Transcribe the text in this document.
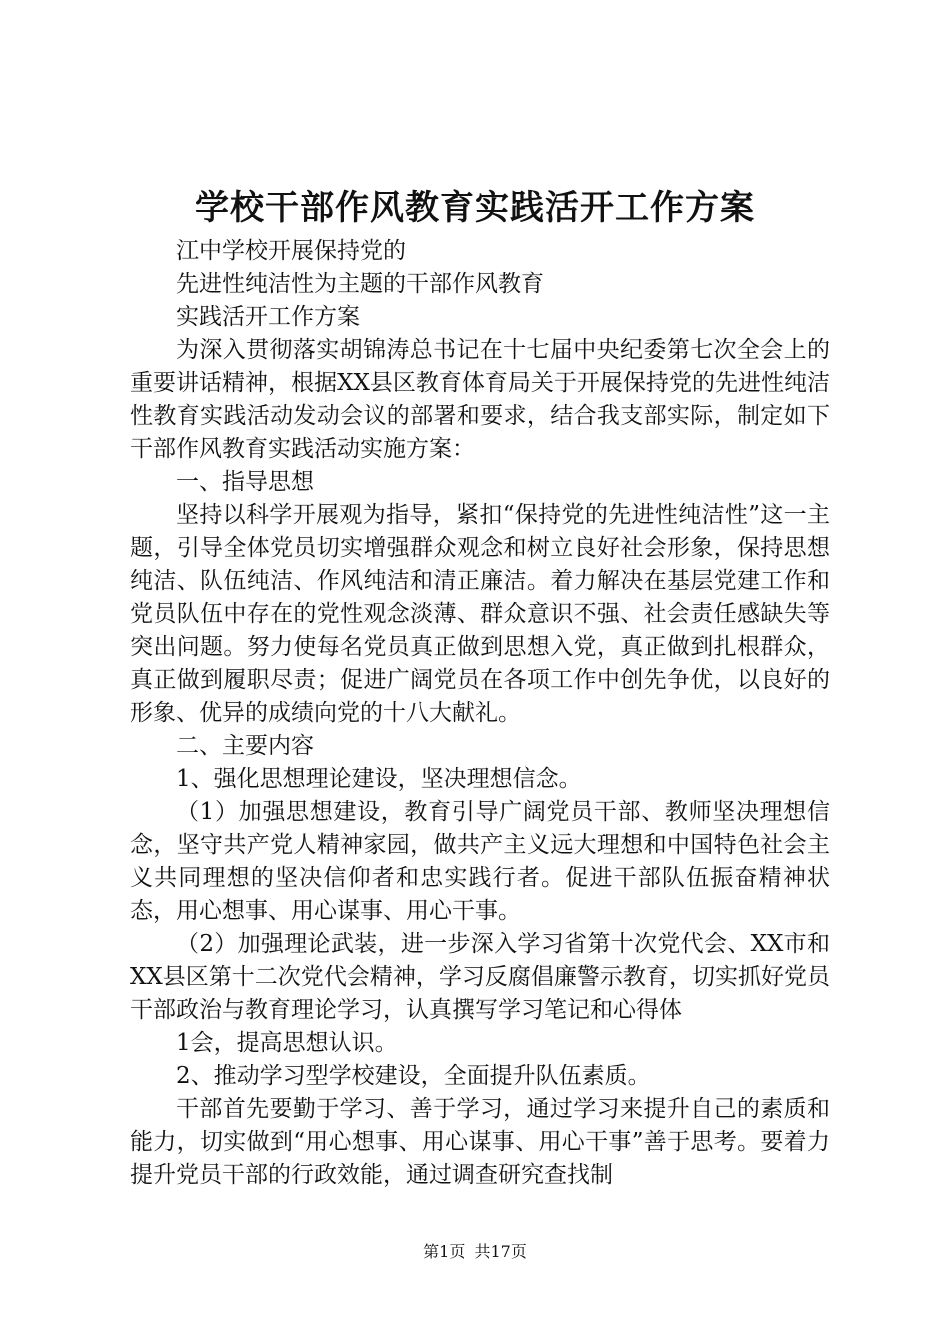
学校干部作风教育实践活开工作方案

江中学校开展保持党的

先进性纯洁性为主题的干部作风教育

实践活开工作方案

为深入贯彻落实胡锦涛总书记在十七届中央纪委第七次全会上的重要讲话精神，根据XX县区教育体育局关于开展保持党的先进性纯洁性教育实践活动发动会议的部署和要求，结合我支部实际，制定如下干部作风教育实践活动实施方案：

一、指导思想

坚持以科学开展观为指导，紧扣“保持党的先进性纯洁性”这一主题，引导全体党员切实增强群众观念和树立良好社会形象，保持思想纯洁、队伍纯洁、作风纯洁和清正廉洁。着力解决在基层党建工作和党员队伍中存在的党性观念淡薄、群众意识不强、社会责任感缺失等突出问题。努力使每名党员真正做到思想入党，真正做到扎根群众，真正做到履职尽责；促进广阔党员在各项工作中创先争优，以良好的形象、优异的成绩向党的十八大献礼。

二、主要内容

1、强化思想理论建设，坚决理想信念。

（1）加强思想建设，教育引导广阔党员干部、教师坚决理想信念，坚守共产党人精神家园，做共产主义远大理想和中国特色社会主义共同理想的坚决信仰者和忠实践行者。促进干部队伍振奋精神状态，用心想事、用心谋事、用心干事。

（2）加强理论武装，进一步深入学习省第十次党代会、XX市和XX县区第十二次党代会精神，学习反腐倡廉警示教育，切实抓好党员干部政治与教育理论学习，认真撰写学习笔记和心得体

1会，提高思想认识。

2、推动学习型学校建设，全面提升队伍素质。

干部首先要勤于学习、善于学习，通过学习来提升自己的素质和能力，切实做到“用心想事、用心谋事、用心干事”善于思考。要着力提升党员干部的行政效能，通过调查研究查找制

第1页 共17页
